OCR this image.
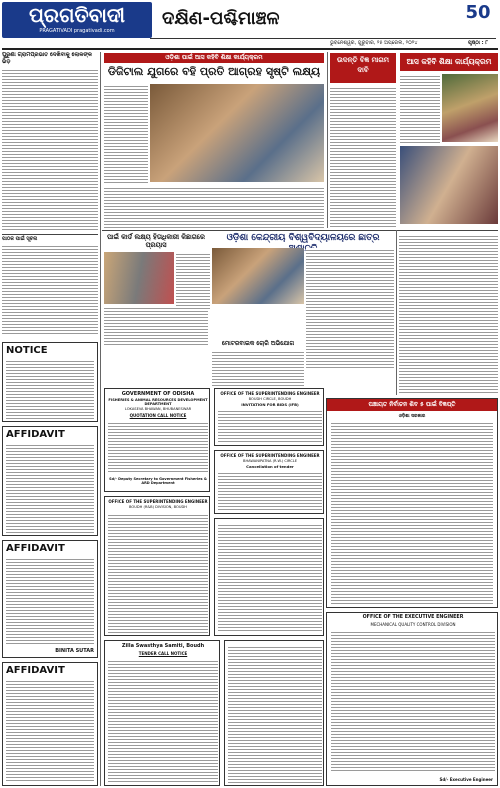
ପ୍ରଗତିବାଦୀ
PRAGATIVADI pragativadi.com
ଦକ୍ଷିଣ-ପଶ୍ଚିମାଞ୍ଚଳ	50
ଭୁବନେଶ୍ୱର, ଗୁରୁବାର, ୨୫ ଅପ୍ରେଲ, ୨୦୨୪	ପୃଷ୍ଠା : ୮
ପୁରୁଣା ଗ୍ରାମପ୍ରଭାତ ଦେଖିବାକୁ ଲୋକଙ୍କ ଭିଡ଼
ପାଠକ ପାଇଁ ସୂଚନା
NOTICE
AFFIDAVIT
AFFIDAVIT
BINITA SUTAR
AFFIDAVIT
ଓଡ଼ିଶା ପାଇଁ ଆସ କହିବି ଶିକ୍ଷା କାର୍ଯ୍ୟକ୍ରମ
ଡିଜିଟାଲ ଯୁଗରେ ବହି ପ୍ରତି ଆଗ୍ରହ ସୃଷ୍ଟି ଲକ୍ଷ୍ୟ
ଉଦନ୍ତି ବିଜ୍ଞ ମାଗମ ଦାବି
ଆସ କହିବି ଶିକ୍ଷା କାର୍ଯ୍ୟକ୍ରମ
ପାଇଁ କାର୍ଡ ଲକ୍ଷ୍ୟ ହିତାଧିକାରୀ କିଛାଗରେ ପ୍ରୟାସ
ଓଡ଼ିଶା କେନ୍ଦ୍ରୀୟ ବିଶ୍ୱବିଦ୍ୟାଳୟରେ ଛାତ୍ର
ମୋଟରବାଇକ ଚୋରି ଅଭିଯୋଗ
GOVERNMENT OF ODISHA
FISHERIES & ANIMAL RESOURCES DEVELOPMENT DEPARTMENT
LOKASEVA BHAWAN, BHUBANESWAR
QUOTATION CALL NOTICE
Sd/- Deputy Secretary to Government Fisheries & ARD Department
OFFICE OF THE SUPERINTENDING ENGINEER
BOUDH CIRCLE, BOUDH
INVITATION FOR BIDS (IFB)	ପଞ୍ଚାୟତ ନିର୍ବାଚନ ଶିବ ୫ ପାଇଁ ବିଜ୍ଞପ୍ତି
ଓଡ଼ିଶା ସରକାର
OFFICE OF THE SUPERINTENDING ENGINEER
BHAWANIPATNA (R.W.) CIRCLE
Cancellation of tender
OFFICE OF THE SUPERINTENDING ENGINEER
BOUDH (R&B) DIVISION, BOUDH
Zilla Swasthya Samiti, Boudh
TENDER CALL NOTICE
OFFICE OF THE EXECUTIVE ENGINEER
MECHANICAL QUALITY CONTROL DIVISION
Sd/- Executive Engineer
